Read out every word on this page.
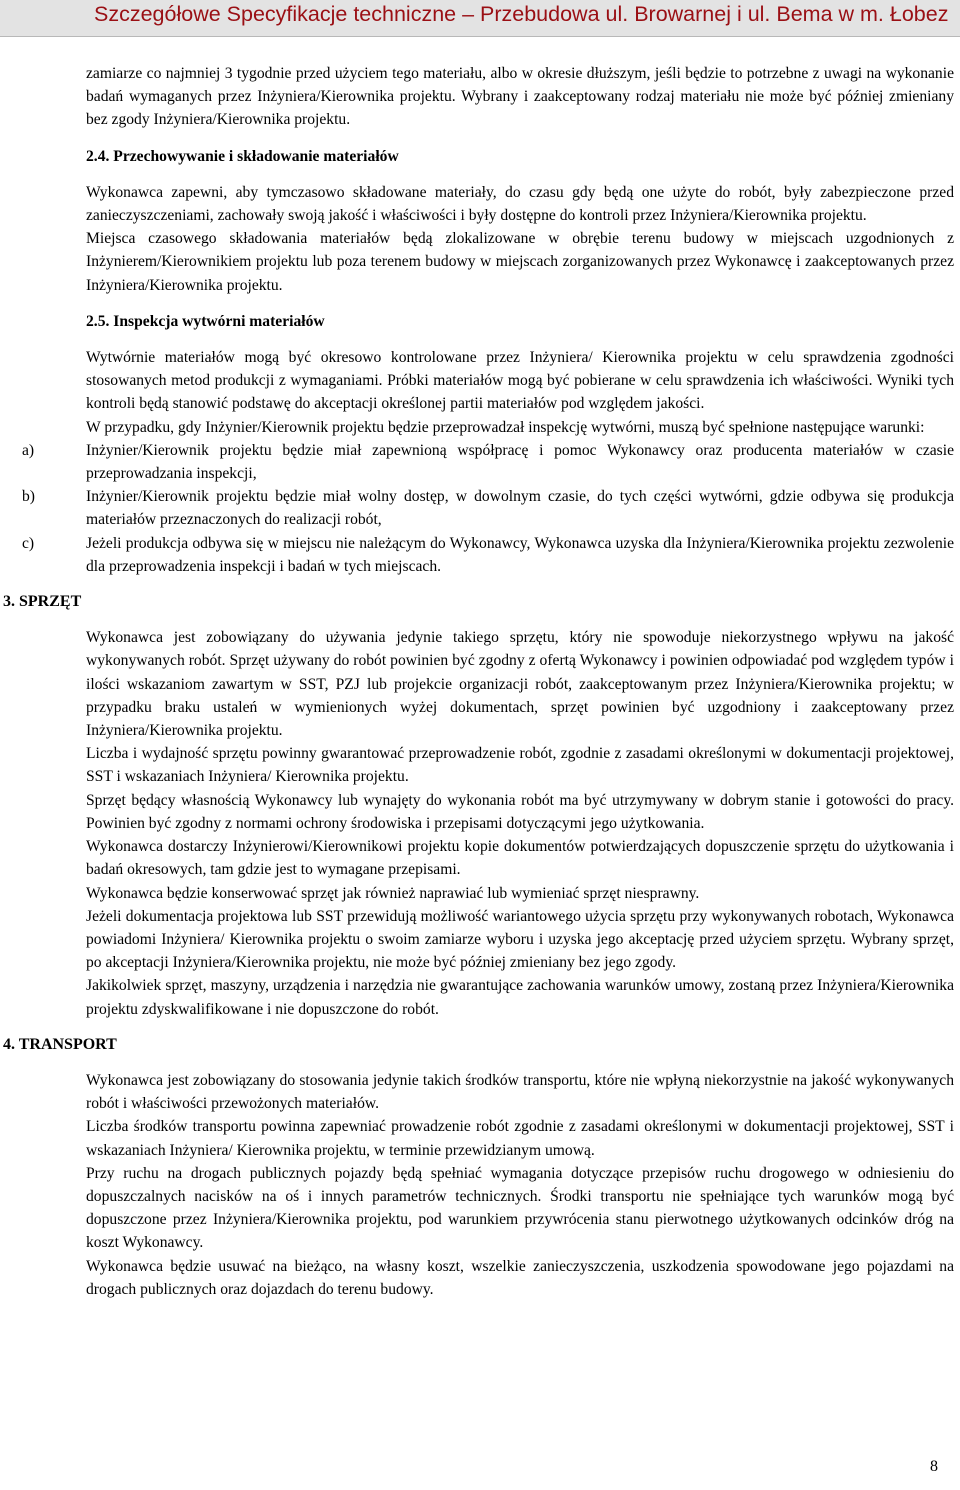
Szczegółowe Specyfikacje techniczne – Przebudowa ul. Browarnej i ul. Bema w m. Łobez

zamiarze co najmniej 3 tygodnie przed użyciem tego materiału, albo w okresie dłuższym, jeśli będzie to potrzebne z uwagi na wykonanie badań wymaganych przez Inżyniera/Kierownika projektu. Wybrany i zaakceptowany rodzaj materiału nie może być później zmieniany bez zgody Inżyniera/Kierownika projektu.

2.4. Przechowywanie i składowanie materiałów

Wykonawca zapewni, aby tymczasowo składowane materiały, do czasu gdy będą one użyte do robót, były zabezpieczone przed zanieczyszczeniami, zachowały swoją jakość i właściwości i były dostępne do kontroli przez Inżyniera/Kierownika projektu.

Miejsca czasowego składowania materiałów będą zlokalizowane w obrębie terenu budowy w miejscach uzgodnionych z Inżynierem/Kierownikiem projektu lub poza terenem budowy w miejscach zorganizowanych przez Wykonawcę i zaakceptowanych przez Inżyniera/Kierownika projektu.

2.5. Inspekcja wytwórni materiałów

Wytwórnie materiałów mogą być okresowo kontrolowane przez Inżyniera/ Kierownika projektu w celu sprawdzenia zgodności stosowanych metod produkcji z wymaganiami. Próbki materiałów mogą być pobierane w celu sprawdzenia ich właściwości. Wyniki tych kontroli będą stanowić podstawę do akceptacji określonej partii materiałów pod względem jakości.

W przypadku, gdy Inżynier/Kierownik projektu będzie przeprowadzał inspekcję wytwórni, muszą być spełnione następujące warunki:

a)	Inżynier/Kierownik projektu będzie miał zapewnioną współpracę i pomoc Wykonawcy oraz producenta materiałów w czasie przeprowadzania inspekcji,

b)	Inżynier/Kierownik projektu będzie miał wolny dostęp, w dowolnym czasie, do tych części wytwórni, gdzie odbywa się produkcja materiałów przeznaczonych do realizacji robót,

c)	Jeżeli produkcja odbywa się w miejscu nie należącym do Wykonawcy, Wykonawca uzyska dla Inżyniera/Kierownika projektu zezwolenie dla przeprowadzenia inspekcji i badań w tych miejscach.

3. SPRZĘT

Wykonawca jest zobowiązany do używania jedynie takiego sprzętu, który nie spowoduje niekorzystnego wpływu na jakość wykonywanych robót. Sprzęt używany do robót powinien być zgodny z ofertą Wykonawcy i powinien odpowiadać pod względem typów i ilości wskazaniom zawartym w SST, PZJ lub projekcie organizacji robót, zaakceptowanym przez Inżyniera/Kierownika projektu; w przypadku braku ustaleń w wymienionych wyżej dokumentach, sprzęt powinien być uzgodniony i zaakceptowany przez Inżyniera/Kierownika projektu.

Liczba i wydajność sprzętu powinny gwarantować przeprowadzenie robót, zgodnie z zasadami określonymi w dokumentacji projektowej, SST i wskazaniach Inżyniera/ Kierownika projektu.

Sprzęt będący własnością Wykonawcy lub wynajęty do wykonania robót ma być utrzymywany w dobrym stanie i gotowości do pracy. Powinien być zgodny z normami ochrony środowiska i przepisami dotyczącymi jego użytkowania.

Wykonawca dostarczy Inżynierowi/Kierownikowi projektu kopie dokumentów potwierdzających dopuszczenie sprzętu do użytkowania i badań okresowych, tam gdzie jest to wymagane przepisami.

Wykonawca będzie konserwować sprzęt jak również naprawiać lub wymieniać sprzęt niesprawny.

Jeżeli dokumentacja projektowa lub SST przewidują możliwość wariantowego użycia sprzętu przy wykonywanych robotach, Wykonawca powiadomi Inżyniera/ Kierownika projektu o swoim zamiarze wyboru i uzyska jego akceptację przed użyciem sprzętu. Wybrany sprzęt, po akceptacji Inżyniera/Kierownika projektu, nie może być później zmieniany bez jego zgody.

Jakikolwiek sprzęt, maszyny, urządzenia i narzędzia nie gwarantujące zachowania warunków umowy, zostaną przez Inżyniera/Kierownika projektu zdyskwalifikowane i nie dopuszczone do robót.

4. TRANSPORT

Wykonawca jest zobowiązany do stosowania jedynie takich środków transportu, które nie wpłyną niekorzystnie na jakość wykonywanych robót i właściwości przewożonych materiałów.

Liczba środków transportu powinna zapewniać prowadzenie robót zgodnie z zasadami określonymi w dokumentacji projektowej, SST i wskazaniach Inżyniera/ Kierownika projektu, w terminie przewidzianym umową.

Przy ruchu na drogach publicznych pojazdy będą spełniać wymagania dotyczące przepisów ruchu drogowego w odniesieniu do dopuszczalnych nacisków na oś i innych parametrów technicznych. Środki transportu nie spełniające tych warunków mogą być dopuszczone przez Inżyniera/Kierownika projektu, pod warunkiem przywrócenia stanu pierwotnego użytkowanych odcinków dróg na koszt Wykonawcy.

Wykonawca będzie usuwać na bieżąco, na własny koszt, wszelkie zanieczyszczenia, uszkodzenia spowodowane jego pojazdami na drogach publicznych oraz dojazdach do terenu budowy.

8
